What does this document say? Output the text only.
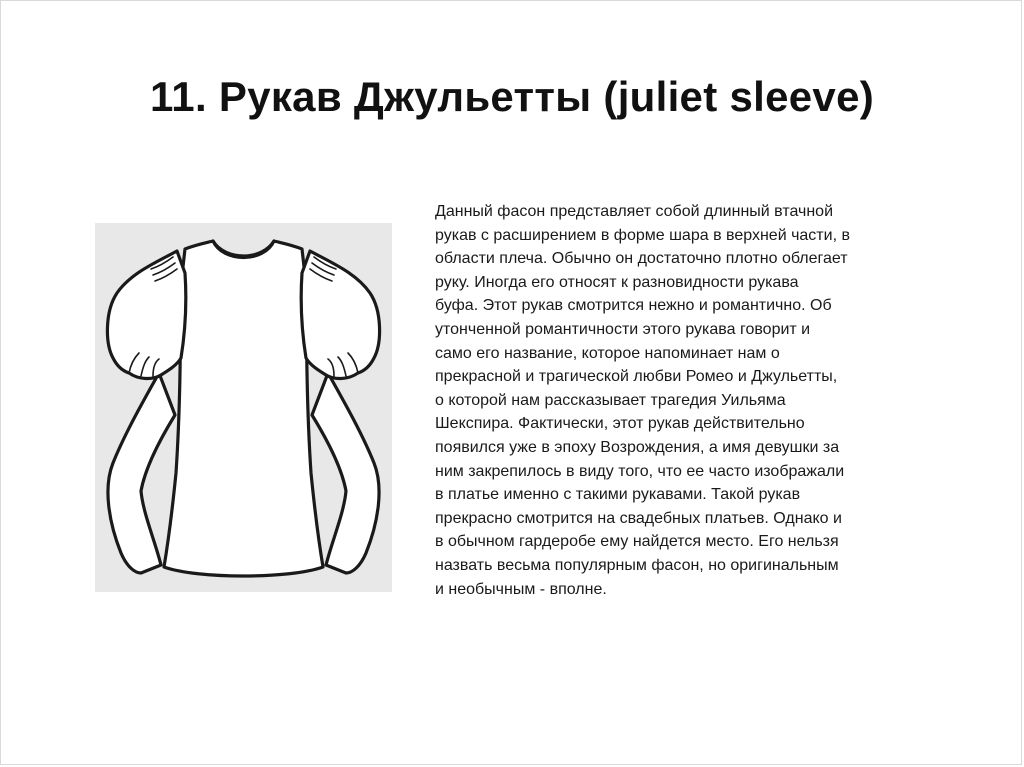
11. Рукав Джульетты (juliet sleeve)

Данный фасон представляет собой длинный втачной
рукав с расширением в форме шара в верхней части, в
области плеча. Обычно он достаточно плотно облегает
руку. Иногда его относят к разновидности рукава
буфа. Этот рукав смотрится нежно и романтично. Об
утонченной романтичности этого рукава говорит и
само его название, которое напоминает нам о
прекрасной и трагической любви Ромео и Джульетты,
о которой нам рассказывает трагедия Уильяма
Шекспира. Фактически, этот рукав действительно
появился уже в эпоху Возрождения, а имя девушки за
ним закрепилось в виду того, что ее часто изображали
в платье именно с такими рукавами. Такой рукав
прекрасно смотрится на свадебных платьев. Однако и
в обычном гардеробе ему найдется место. Его нельзя
назвать весьма популярным фасон, но оригинальным
и необычным - вполне.
